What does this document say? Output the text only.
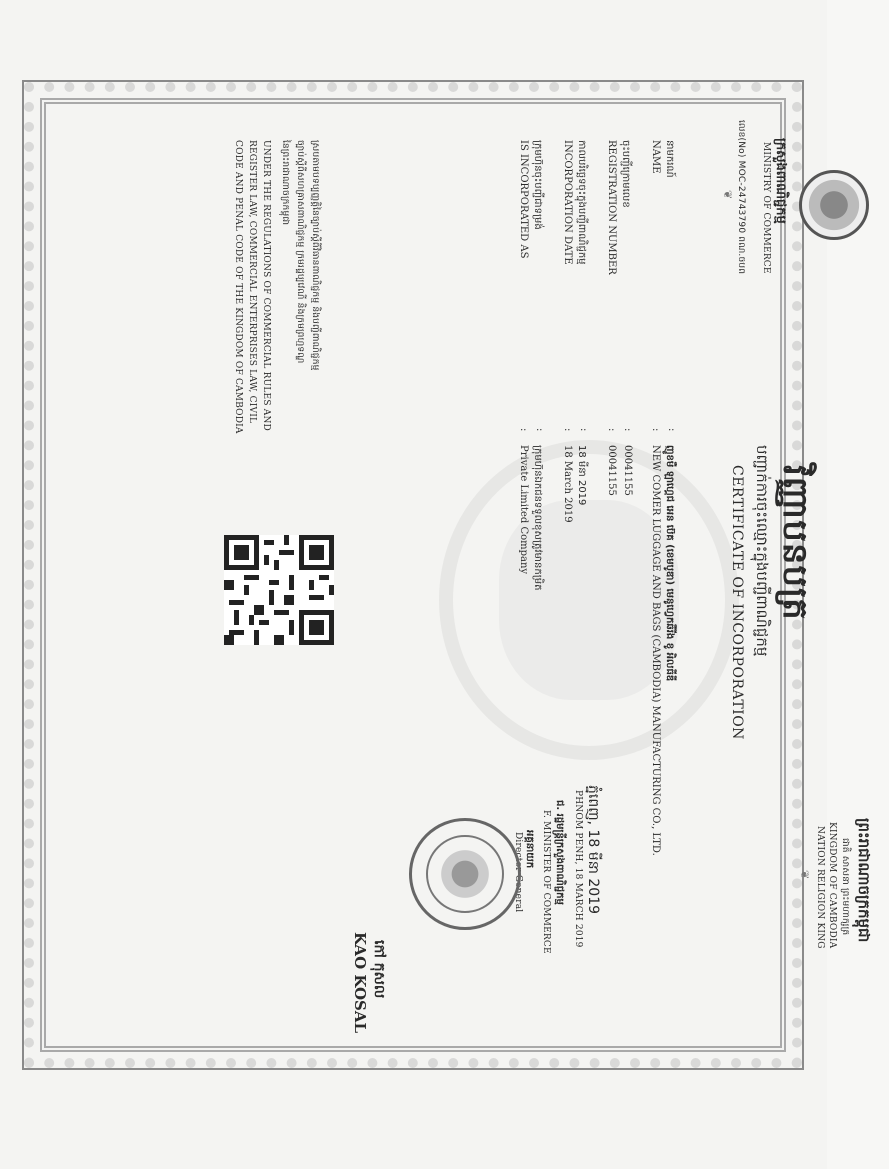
ព្រះរាជាណាចក្រកម្ពុជា
ជាតិ សាសនា ព្រះមហាក្សត្រ
KINGDOM OF CAMBODIA
NATION RELIGION KING
❦
ក្រសួងពាណិជ្ជកម្ម
MINISTRY OF COMMERCE
លេខ(No) MOC-24743790 ពណ.ចបព
❦
វិញ្ញាបនបត្រ
បញ្ជាក់ការចុះឈ្មោះក្នុងបញ្ជីពាណិជ្ជកម្ម
CERTIFICATE OF INCORPORATION
នាមករណ៍
NAME
ចុះបញ្ជីក្រោមលេខ
REGISTRATION NUMBER
កាលបរិច្ឆេទចុះក្នុងបញ្ជីពាណិជ្ជកម្ម
INCORPORATION DATE
ក្រុមហ៊ុនចុះបញ្ជីជាទម្រង់
IS INCORPORATED AS
:
:
:
:
:
:
:
:
ញូខមឺ ឡាហ្គេជ អេន ប៊េគ (ខេមបូឌា) មេនូហ្វេកឆឺរីង ខូ អិលធីឌី
NEW COMER LUGGAGE AND BAGS (CAMBODIA) MANUFACTURING CO., LTD.
00041155
00041155
18 មីនា 2019
18 March 2019
ក្រុមហ៊ុនឯកជនទទួលខុសត្រូវមានកម្រិត
Private Limited Company
ស្របតាមបទប្បញ្ញត្តិនៃច្បាប់ស្ដីពីវិធានពាណិជ្ជកម្ម និងបញ្ជីពាណិជ្ជកម្ម
ច្បាប់ស្ដីពីសហគ្រាសពាណិជ្ជកម្ម ក្រមរដ្ឋប្បវេណី និងក្រមព្រហ្មទណ្ឌ
នៃព្រះរាជាណាចក្រកម្ពុជា
UNDER THE REGULATIONS OF COMMERCIAL RULES AND
REGISTER LAW, COMMERCIAL ENTERPRISES LAW, CIVIL
CODE AND PENAL CODE OF THE KINGDOM OF CAMBODIA
ភ្នំពេញ, 18 មីនា 2019
PHNOM PENH, 18 MARCH 2019
ជ. រដ្ឋមន្ត្រីក្រសួងពាណិជ្ជកម្ម
F. MINISTER OF COMMERCE
អគ្គនាយក
Director General
កៅ កុសល
KAO KOSAL
